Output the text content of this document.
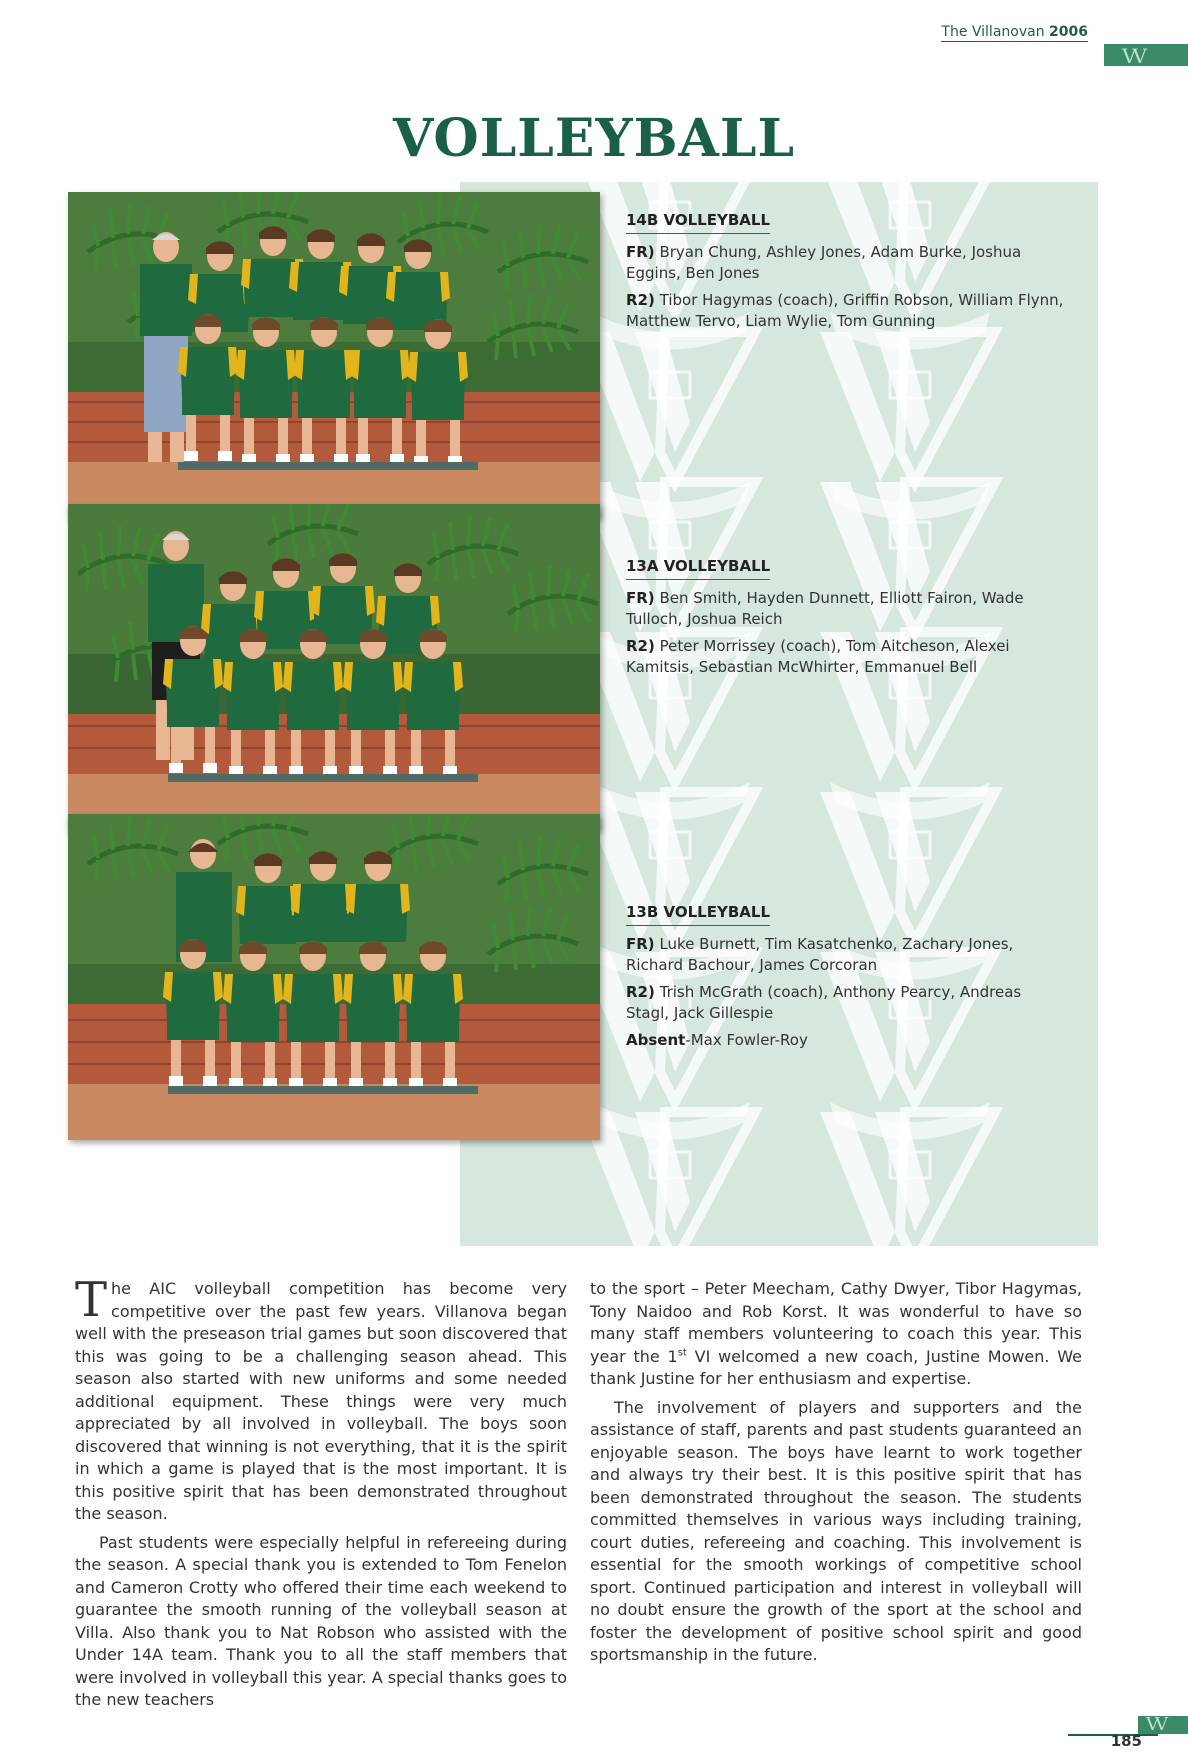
The Villanovan 2006
VV
VOLLEYBALL
14B VOLLEYBALL

FR) Bryan Chung, Ashley Jones, Adam Burke, Joshua Eggins, Ben Jones

R2) Tibor Hagymas (coach), Griffin Robson, William Flynn, Matthew Tervo, Liam Wylie, Tom Gunning

13A VOLLEYBALL

FR) Ben Smith, Hayden Dunnett, Elliott Fairon, Wade Tulloch, Joshua Reich

R2) Peter Morrissey (coach), Tom Aitcheson, Alexei Kamitsis, Sebastian McWhirter, Emmanuel Bell

13B VOLLEYBALL

FR) Luke Burnett, Tim Kasatchenko, Zachary Jones, Richard Bachour, James Corcoran

R2) Trish McGrath (coach), Anthony Pearcy, Andreas Stagl, Jack Gillespie

Absent-Max Fowler-Roy

The AIC volleyball competition has become very competitive over the past few years. Villanova began well with the preseason trial games but soon discovered that this was going to be a challenging season ahead. This season also started with new uniforms and some needed additional equipment. These things were very much appreciated by all involved in volleyball. The boys soon discovered that winning is not everything, that it is the spirit in which a game is played that is the most important. It is this positive spirit that has been demonstrated throughout the season.

Past students were especially helpful in refereeing during the season. A special thank you is extended to Tom Fenelon and Cameron Crotty who offered their time each weekend to guarantee the smooth running of the volleyball season at Villa. Also thank you to Nat Robson who assisted with the Under 14A team. Thank you to all the staff members that were involved in volleyball this year. A special thanks goes to the new teachers

to the sport – Peter Meecham, Cathy Dwyer, Tibor Hagymas, Tony Naidoo and Rob Korst. It was wonderful to have so many staff members volunteering to coach this year. This year the 1st VI welcomed a new coach, Justine Mowen. We thank Justine for her enthusiasm and expertise.

The involvement of players and supporters and the assistance of staff, parents and past students guaranteed an enjoyable season. The boys have learnt to work together and always try their best. It is this positive spirit that has been demonstrated throughout the season. The students committed themselves in various ways including training, court duties, refereeing and coaching. This involvement is essential for the smooth workings of competitive school sport. Continued participation and interest in volleyball will no doubt ensure the growth of the sport at the school and foster the development of positive school spirit and good sportsmanship in the future.

VV
185
